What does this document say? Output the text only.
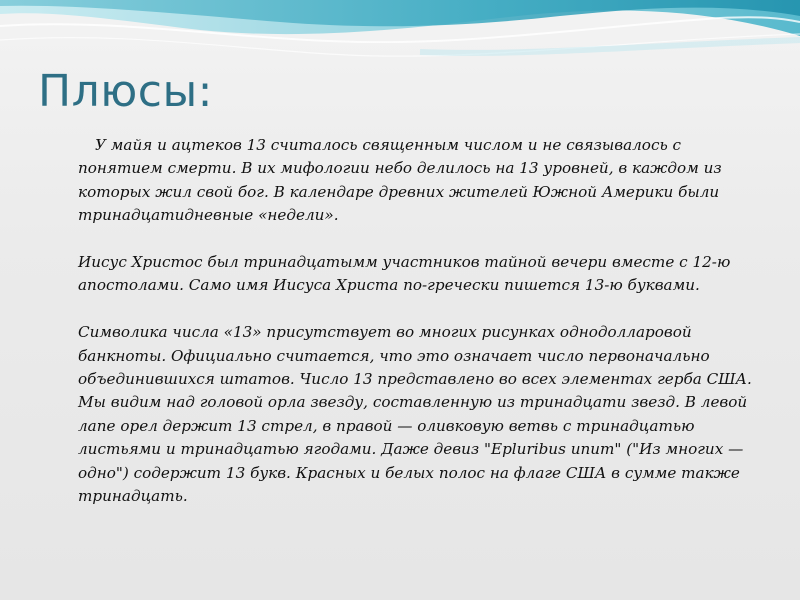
Плюсы:

У майя и ацтеков 13 считалось священным числом и не связывалось с понятием смерти. В их мифологии небо делилось на 13 уровней, в каждом из которых жил свой бог. В календаре древних жителей Южной Америки были тринадцатидневные «недели».

Иисус Христос был тринадцатымм участников тайной вечери вместе с 12-ю апостолами. Само имя Иисуса Христа по-гречески пишется 13-ю буквами.

Символика числа «13» присутствует во многих рисунках однодолларовой банкноты. Официально считается, что это означает число первоначально объединившихся штатов. Число 13 представлено во всех элементах герба США. Мы видим над головой орла звезду, составленную из тринадцати звезд. В левой лапе орел держит 13 стрел, в правой — оливковую ветвь с тринадцатью листьями и тринадцатью ягодами. Даже девиз "Epluribus unum" ("Из многих — одно") содержит 13 букв. Красных и белых полос на флаге США в сумме также тринадцать.
